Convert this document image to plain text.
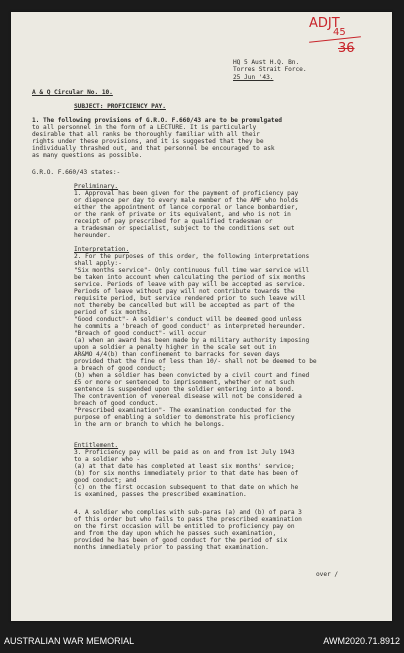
ADJT
45
36
HQ 5 Aust H.Q. Bn.
Torres Strait Force.
25 Jun '43.
A & Q Circular No. 10.
SUBJECT: PROFICIENCY PAY.
1. The following provisions of G.R.O. F.660/43 are to be promulgated
to all personnel in the form of a LECTURE. It is particularly
desirable that all ranks be thoroughly familiar with all their
rights under these provisions, and it is suggested that they be
individually thrashed out, and that personnel be encouraged to ask
as many questions as possible.
G.R.O. F.660/43 states:-
Preliminary.
1. Approval has been given for the payment of proficiency pay
or diepence per day to every male member of the AMF who holds
either the appointment of lance corporal or lance bombardier,
or the rank of private or its equivalent, and who is not in
receipt of pay prescribed for a qualified tradesman or
a tradesman or specialist, subject to the conditions set out
hereunder.
Interpretation.
2. For the purposes of this order, the following interpretations
shall apply:-
"Six months service"- Only continuous full time war service will
be taken into account when calculating the period of six months
service. Periods of leave with pay will be accepted as service.
Periods of leave without pay will not contribute towards the
requisite period, but service rendered prior to such leave will
not thereby be cancelled but will be accepted as part of the
period of six months.
"Good conduct"- A soldier's conduct will be deemed good unless
he commits a 'breach of good conduct' as interpreted hereunder.
"Breach of good conduct"- will occur
(a) when an award has been made by a military authority imposing
upon a soldier a penalty higher in the scale set out in
AR&MO 4/4(b) than confinement to barracks for seven days
provided that the fine of less than 10/- shall not be deemed to be
a breach of good conduct;
(b) when a soldier has been convicted by a civil court and fined
£5 or more or sentenced to imprisonment, whether or not such
sentence is suspended upon the soldier entering into a bond.
The contravention of venereal disease will not be considered a
breach of good conduct.
"Prescribed examination"- The examination conducted for the
purpose of enabling a soldier to demonstrate his proficiency
in the arm or branch to which he belongs.
Entitlement.
3. Proficiency pay will be paid as on and from 1st July 1943
to a soldier who -
(a) at that date has completed at least six months' service;
(b) for six months immediately prior to that date has been of
good conduct; and
(c) on the first occasion subsequent to that date on which he
is examined, passes the prescribed examination.
4. A soldier who complies with sub-paras (a) and (b) of para 3
of this order but who fails to pass the prescribed examination
on the first occasion will be entitled to proficiency pay on
and from the day upon which he passes such examination,
provided he has been of good conduct for the period of six
months immediately prior to passing that examination.
over /
AUSTRALIAN WAR MEMORIAL	AWM2020.71.8912
